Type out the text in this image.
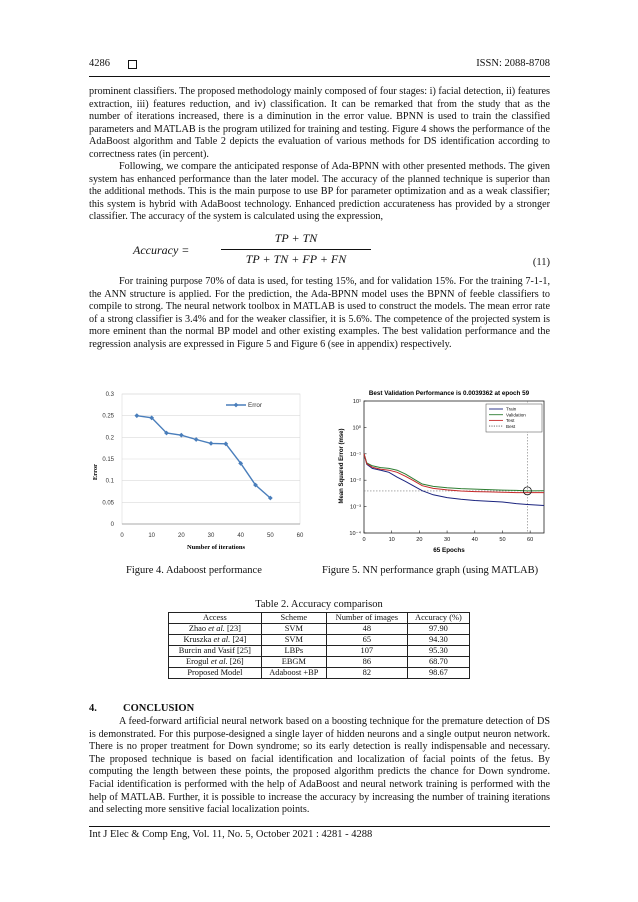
4286	ISSN: 2088-8708

prominent classifiers. The proposed methodology mainly composed of four stages: i) facial detection, ii) features extraction, iii) features reduction, and iv) classification. It can be remarked that from the study that as the number of iterations increased, there is a diminution in the error value. BPNN is used to train the classified parameters and MATLAB is the program utilized for training and testing. Figure 4 shows the performance of the AdaBoost algorithm and Table 2 depicts the evaluation of various methods for DS identification according to correctness rates (in percent).

Following, we compare the anticipated response of Ada-BPNN with other presented methods. The given system has enhanced performance than the later model. The accuracy of the planned technique is superior than the additional methods. This is the main purpose to use BP for parameter optimization and as a weak classifier; this system is hybrid with AdaBoost technology. Enhanced prediction accurateness has provided by a stronger classifier. The accuracy of the system is calculated using the expression,

Accuracy =
TP + TN
TP + TN + FP + FN	(11)

For training purpose 70% of data is used, for testing 15%, and for validation 15%. For the training 7-1-1, the ANN structure is applied. For the prediction, the Ada-BPNN model uses the BPNN of feeble classifiers to compile to strong. The neural network toolbox in MATLAB is used to construct the models. The mean error rate of a strong classifier is 3.4% and for the weaker classifier, it is 5.6%. The competence of the projected system is more eminent than the normal BP model and other existing examples. The best validation performance and the regression analysis are expressed in Figure 5 and Figure 6 (see in appendix) respectively.

0
0.05
0.1
0.15
0.2
0.25
0.3
0	10	20	30	40	50	60
Error
Error
Number of iterations
10⁻⁴
10⁻³
10⁻²
10⁻¹
10⁰
10¹
0	10	20	30	40	50	60
Train
Validation
Test
Best
Best Validation Performance is 0.0039362 at epoch 59
Mean Squared Error (mse)
65 Epochs
Figure 4. Adaboost performance	Figure 5. NN performance graph (using MATLAB)
Table 2. Accuracy comparison
Access	Scheme	Number of images	Accuracy (%)
Zhao et al. [23]	SVM	48	97.90
Kruszka et al. [24]	SVM	65	94.30
Burcin and Vasif [25]	LBPs	107	95.30
Erogul et al. [26]	EBGM	86	68.70
Proposed Model	Adaboost +BP	82	98.67
4. CONCLUSION

A feed-forward artificial neural network based on a boosting technique for the premature detection of DS is demonstrated. For this purpose-designed a single layer of hidden neurons and a single output neuron network. There is no proper treatment for Down syndrome; so its early detection is really indispensable and necessary. The proposed technique is based on facial identification and localization of facial points of the fetus. By computing the length between these points, the proposed algorithm predicts the chance for Down syndrome. Facial identification is performed with the help of AdaBoost and neural network training is performed with the help of MATLAB. Further, it is possible to increase the accuracy by increasing the number of training iterations and selecting more sensitive facial localization points.

Int J Elec & Comp Eng, Vol. 11, No. 5, October 2021 : 4281 - 4288
